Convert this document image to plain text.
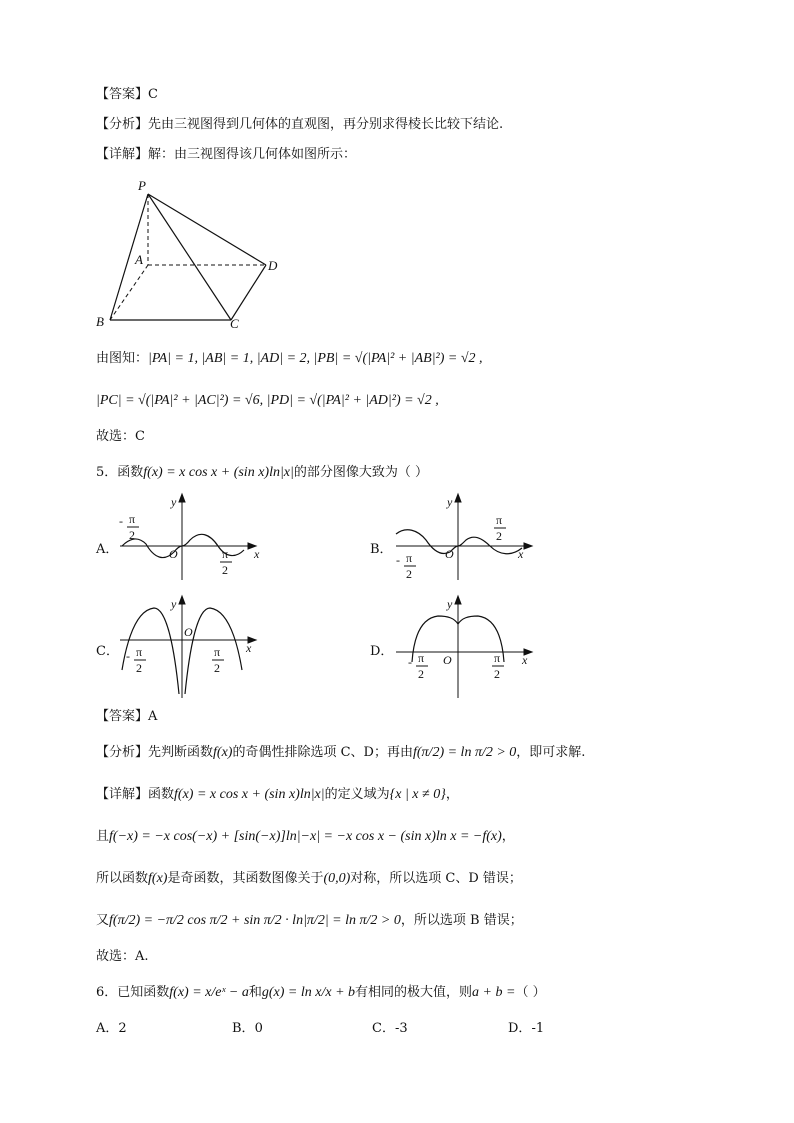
【答案】C
【分析】先由三视图得到几何体的直观图，再分别求得棱长比较下结论.
【详解】解：由三视图得该几何体如图所示：
P
A
B	C
D
由图知：|PA| = 1, |AB| = 1, |AD| = 2, |PB| = √(|PA|² + |AB|²) = √2 ,
|PC| = √(|PA|² + |AC|²) = √6, |PD| = √(|PA|² + |AD|²) = √2 ,
故选：C
5．函数f(x) = x cos x + (sin x)ln|x|的部分图像大致为（ ）
A．	x
y
O
- π
2
π
2
B．	x
y
O
π
2
- π
2
C．	x
y
O
- π
2
π
2
D．
x
y
O
- π
2
π
2
【答案】A
【分析】先判断函数f(x)的奇偶性排除选项 C、D；再由f(π/2) = ln π/2 > 0，即可求解.
【详解】函数f(x) = x cos x + (sin x)ln|x|的定义域为{x | x ≠ 0}，
且f(−x) = −x cos(−x) + [sin(−x)]ln|−x| = −x cos x − (sin x)ln x = −f(x)，
所以函数f(x)是奇函数，其函数图像关于(0,0)对称，所以选项 C、D 错误；
又f(π/2) = −π/2 cos π/2 + sin π/2 · ln|π/2| = ln π/2 > 0，所以选项 B 错误；
故选：A.
6．已知函数f(x) = x/eˣ − a和g(x) = ln x/x + b有相同的极大值，则a + b =（ ）
A．2	B．0	C．-3	D．-1
